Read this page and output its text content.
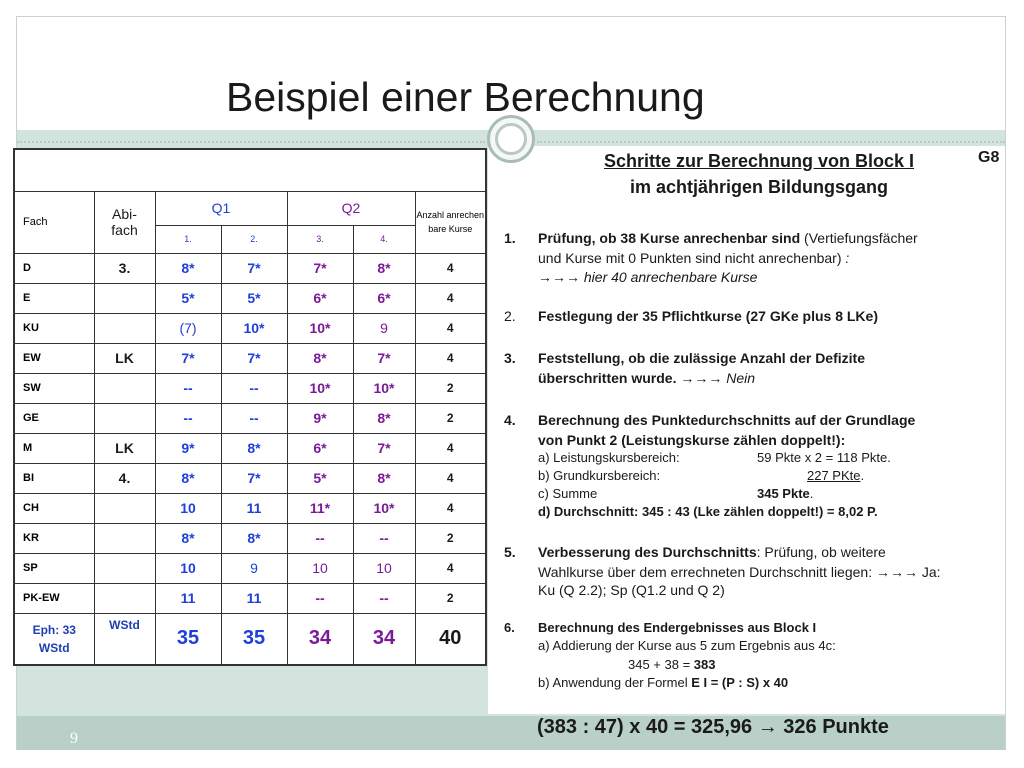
Beispiel einer Berechnung

Fach	Abi-
fach	Q1		Q2		Anzahl anrechen bare Kurse
		1.	2.	3.	4.	
D	3.	8*	7*	7*	8*	4
E		5*	5*	6*	6*	4
KU		(7)	10*	10*	9	4
EW	LK	7*	7*	8*	7*	4
SW		--	--	10*	10*	2
GE		--	--	9*	8*	2
M	LK	9*	8*	6*	7*	4
BI	4.	8*	7*	5*	8*	4
CH		10	11	11*	10*	4
KR		8*	8*	--	--	2
SP		10	9	10	10	4
PK-EW		11	11	--	--	2
Eph: 33
WStd	WStd	35	35	34	34	40
Schritte zur Berechnung von Block I
im achtjährigen Bildungsgang
G8
1. Prüfung, ob 38 Kurse anrechenbar sind (Vertiefungsfächer
und Kurse mit 0 Punkten sind nicht anrechenbar) :
→→→ hier 40 anrechenbare Kurse
2. Festlegung der 35 Pflichtkurse (27 GKe plus 8 LKe)
3. Feststellung, ob die zulässige Anzahl der Defizite
überschritten wurde. →→→ Nein
4. Berechnung des Punktedurchschnitts auf der Grundlage
von Punkt 2 (Leistungskurse zählen doppelt!):
a) Leistungskursbereich:	59 Pkte x 2 = 118 Pkte.
b) Grundkursbereich:	227 PKte.
c) Summe	345 Pkte.
d) Durchschnitt: 345 : 43 (Lke zählen doppelt!) = 8,02 P.
5. Verbesserung des Durchschnitts: Prüfung, ob weitere
Wahlkurse über dem errechneten Durchschnitt liegen: →→→ Ja:
Ku (Q 2.2); Sp (Q1.2 und Q 2)
6. Berechnung des Endergebnisses aus Block I
a) Addierung der Kurse aus 5 zum Ergebnis aus 4c:
345 + 38 = 383
b) Anwendung der Formel E I = (P : S) x 40
(383 : 47) x 40 = 325,96 → 326 Punkte
9
